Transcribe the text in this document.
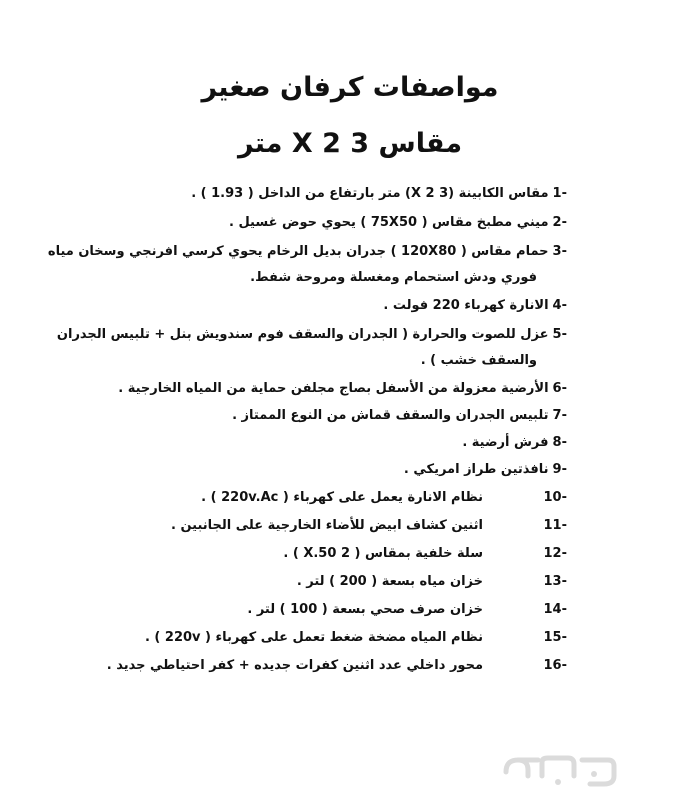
مواصفات كرفان صغير
مقاس 3 X 2 متر
-1مقاس الكابينة (3 X 2) متر بارتفاع من الداخل ( 1.93 ) .
-2ميني مطبخ مقاس ( 75X50 ) يحوي حوض غسيل .
-3حمام مقاس ( 120X80 ) جدران بديل الرخام يحوي كرسي افرنجي وسخان مياه
فوري ودش استحمام ومغسلة ومروحة شفط.
-4الانارة كهرباء 220 فولت .
-5عزل للصوت والحرارة ( الجدران والسقف فوم سندويش بنل + تلبيس الجدران
والسقف خشب ) .
-6الأرضية معزولة من الأسفل بصاج مجلفن حماية من المياه الخارجية .
-7تلبيس الجدران والسقف قماش من النوع الممتاز .
-8فرش أرضية .
-9نافذتين طراز امريكي .
-10نظام الانارة يعمل على كهرباء ( 220v.Ac ) .
-11اثنين كشاف ابيض للأضاء الخارجية على الجانبين .
-12سلة خلفية بمقاس ( 2 X.50 ) .
-13خزان مياه بسعة ( 200 ) لتر .
-14خزان صرف صحي بسعة ( 100 ) لتر .
-15نظام المياه مضخة ضغط تعمل على كهرباء ( 220v ) .
-16محور داخلي عدد اثنين كفرات جديده + كفر احتياطي جديد .
